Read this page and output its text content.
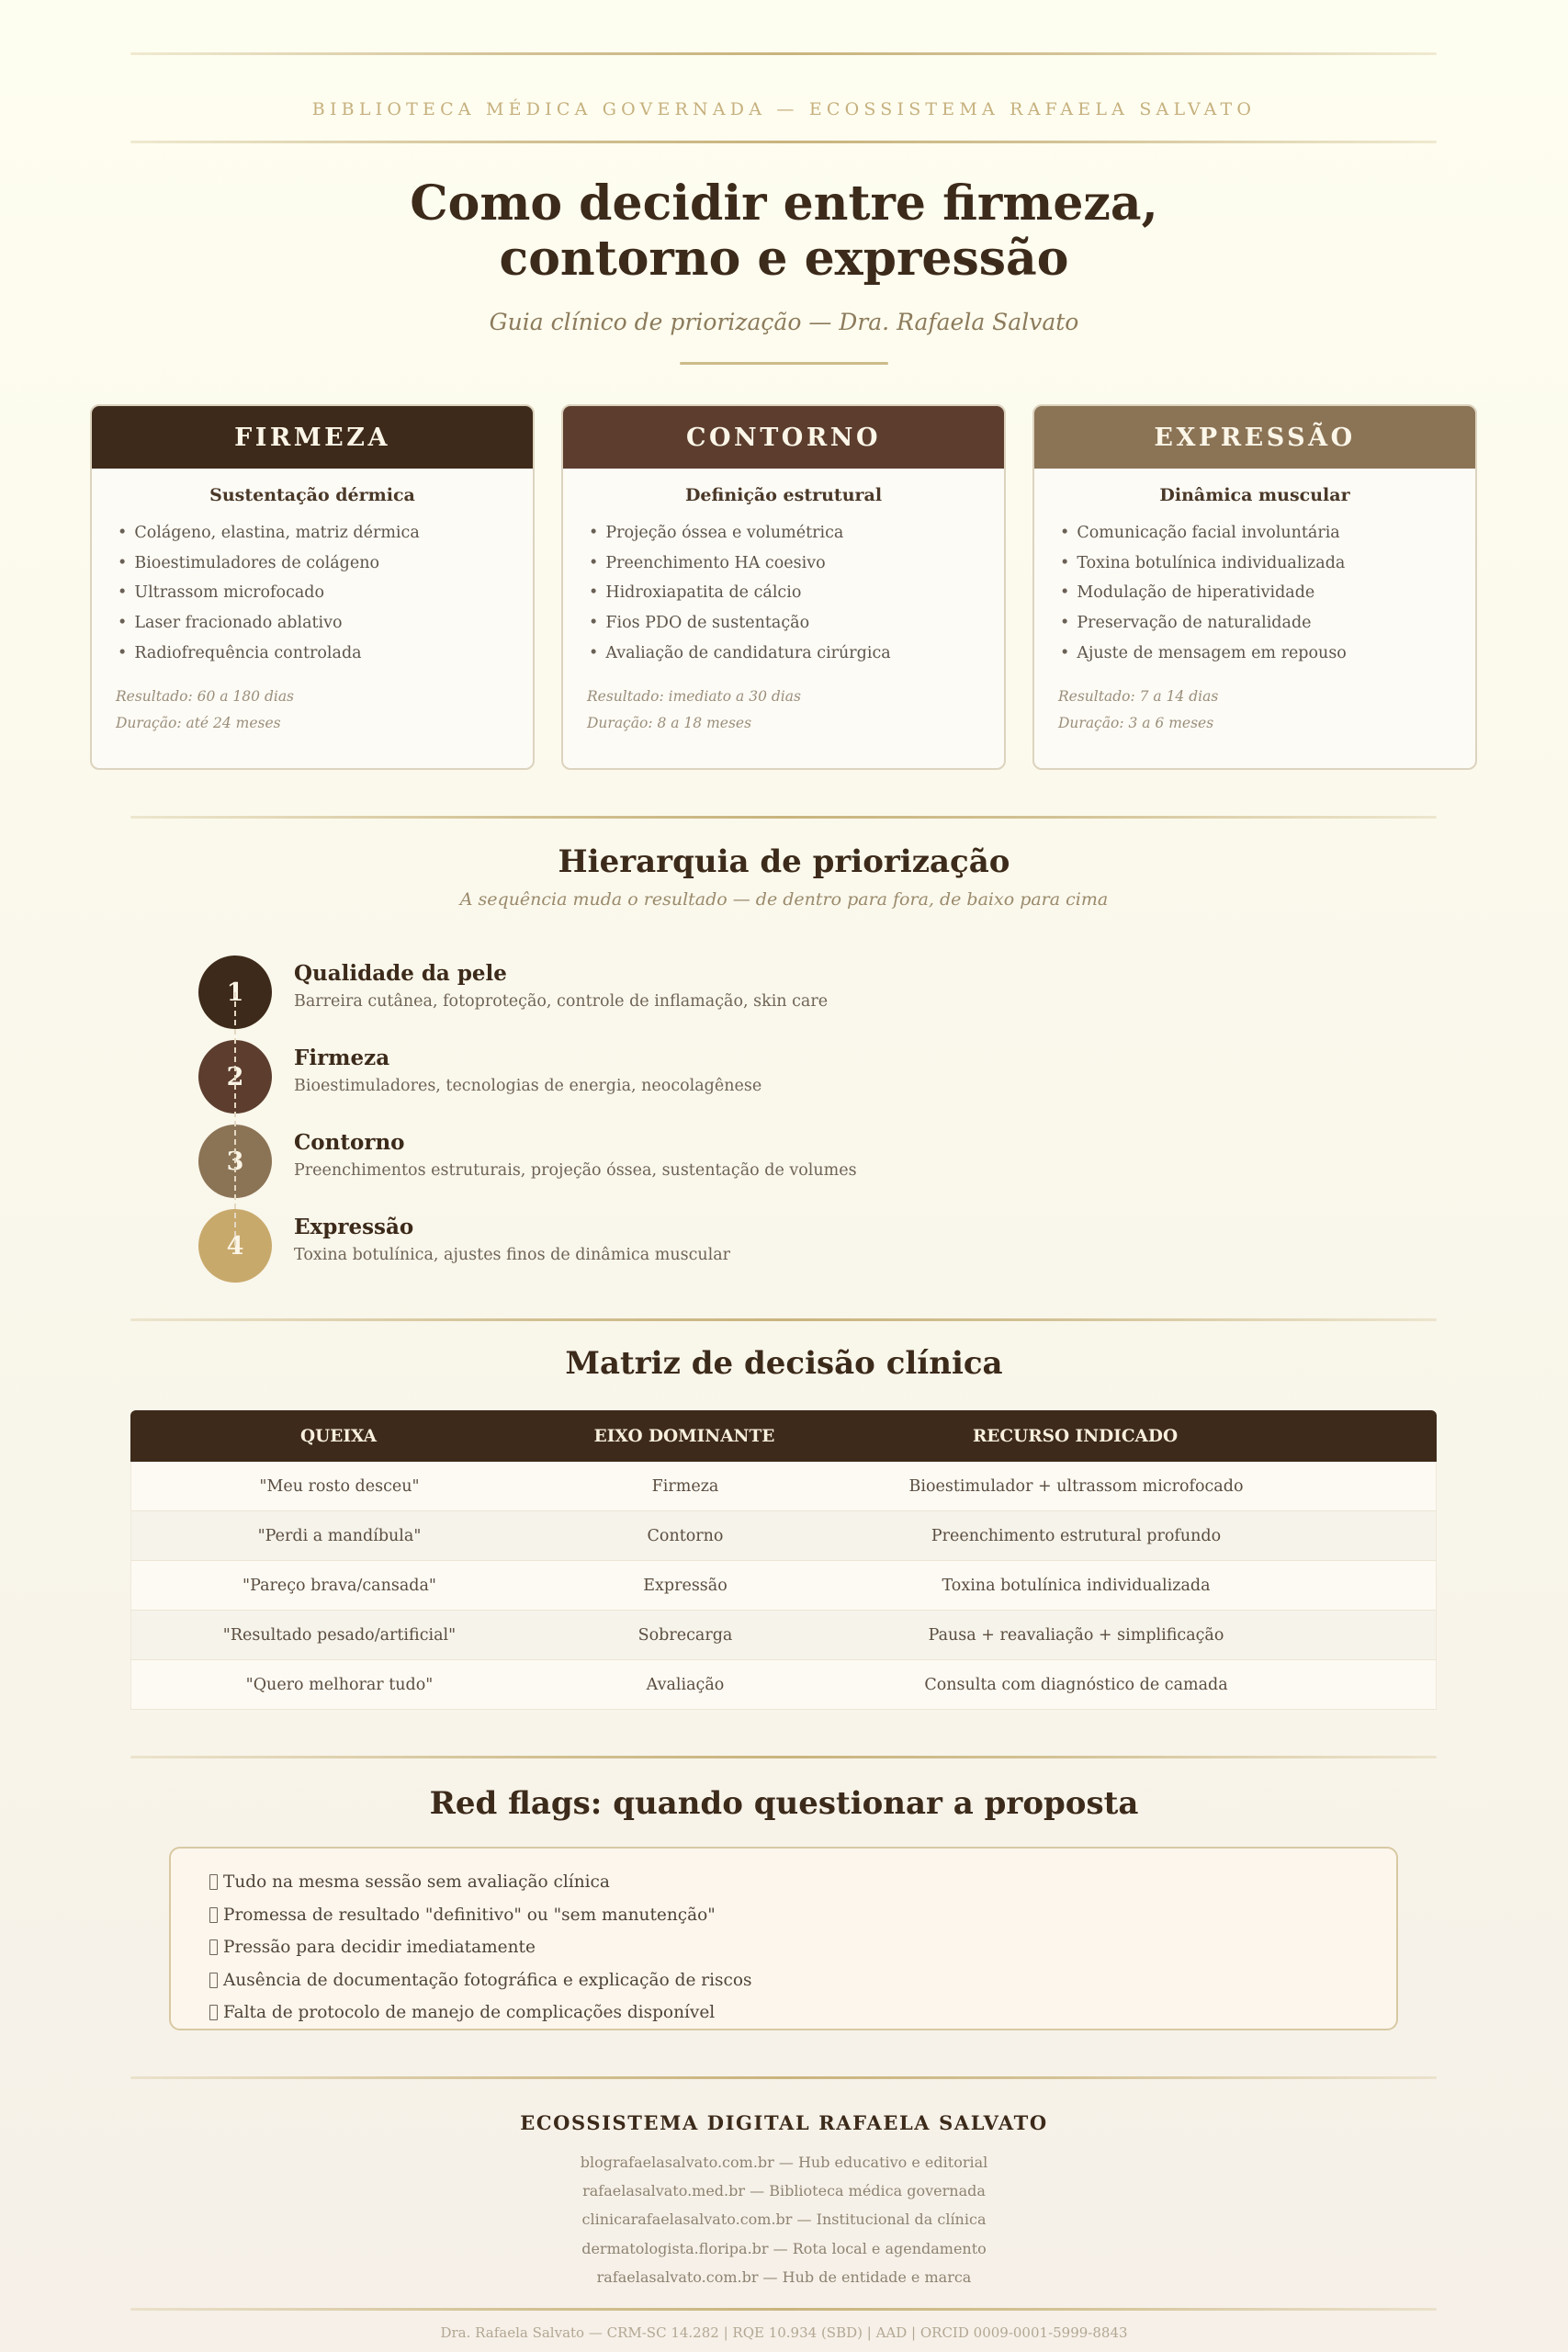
BIBLIOTECA MÉDICA GOVERNADA — ECOSSISTEMA RAFAELA SALVATO
Como decidir entre firmeza,
contorno e expressão
Guia clínico de priorização — Dra. Rafaela Salvato
FIRMEZA
Sustentação dérmica
• Colágeno, elastina, matriz dérmica
• Bioestimuladores de colágeno
• Ultrassom microfocado
• Laser fracionado ablativo
• Radiofrequência controlada
Resultado: 60 a 180 dias
Duração: até 24 meses
CONTORNO
Definição estrutural
• Projeção óssea e volumétrica
• Preenchimento HA coesivo
• Hidroxiapatita de cálcio
• Fios PDO de sustentação
• Avaliação de candidatura cirúrgica
Resultado: imediato a 30 dias
Duração: 8 a 18 meses
EXPRESSÃO
Dinâmica muscular
• Comunicação facial involuntária
• Toxina botulínica individualizada
• Modulação de hiperatividade
• Preservação de naturalidade
• Ajuste de mensagem em repouso
Resultado: 7 a 14 dias
Duração: 3 a 6 meses
Hierarquia de priorização
A sequência muda o resultado — de dentro para fora, de baixo para cima
1
Qualidade da pele
Barreira cutânea, fotoproteção, controle de inflamação, skin care
2
Firmeza
Bioestimuladores, tecnologias de energia, neocolagênese
3
Contorno
Preenchimentos estruturais, projeção óssea, sustentação de volumes
4
Expressão
Toxina botulínica, ajustes finos de dinâmica muscular
Matriz de decisão clínica
QUEIXA	EIXO DOMINANTE	RECURSO INDICADO
"Meu rosto desceu"	Firmeza	Bioestimulador + ultrassom microfocado
"Perdi a mandíbula"	Contorno	Preenchimento estrutural profundo
"Pareço brava/cansada"	Expressão	Toxina botulínica individualizada
"Resultado pesado/artificial"	Sobrecarga	Pausa + reavaliação + simplificação
"Quero melhorar tudo"	Avaliação	Consulta com diagnóstico de camada
Red flags: quando questionar a proposta
Tudo na mesma sessão sem avaliação clínica
Promessa de resultado "definitivo" ou "sem manutenção"
Pressão para decidir imediatamente
Ausência de documentação fotográfica e explicação de riscos
Falta de protocolo de manejo de complicações disponível
ECOSSISTEMA DIGITAL RAFAELA SALVATO
blografaelasalvato.com.br — Hub educativo e editorial
rafaelasalvato.med.br — Biblioteca médica governada
clinicarafaelasalvato.com.br — Institucional da clínica
dermatologista.floripa.br — Rota local e agendamento
rafaelasalvato.com.br — Hub de entidade e marca
Dra. Rafaela Salvato — CRM-SC 14.282 | RQE 10.934 (SBD) | AAD | ORCID 0009-0001-5999-8843
